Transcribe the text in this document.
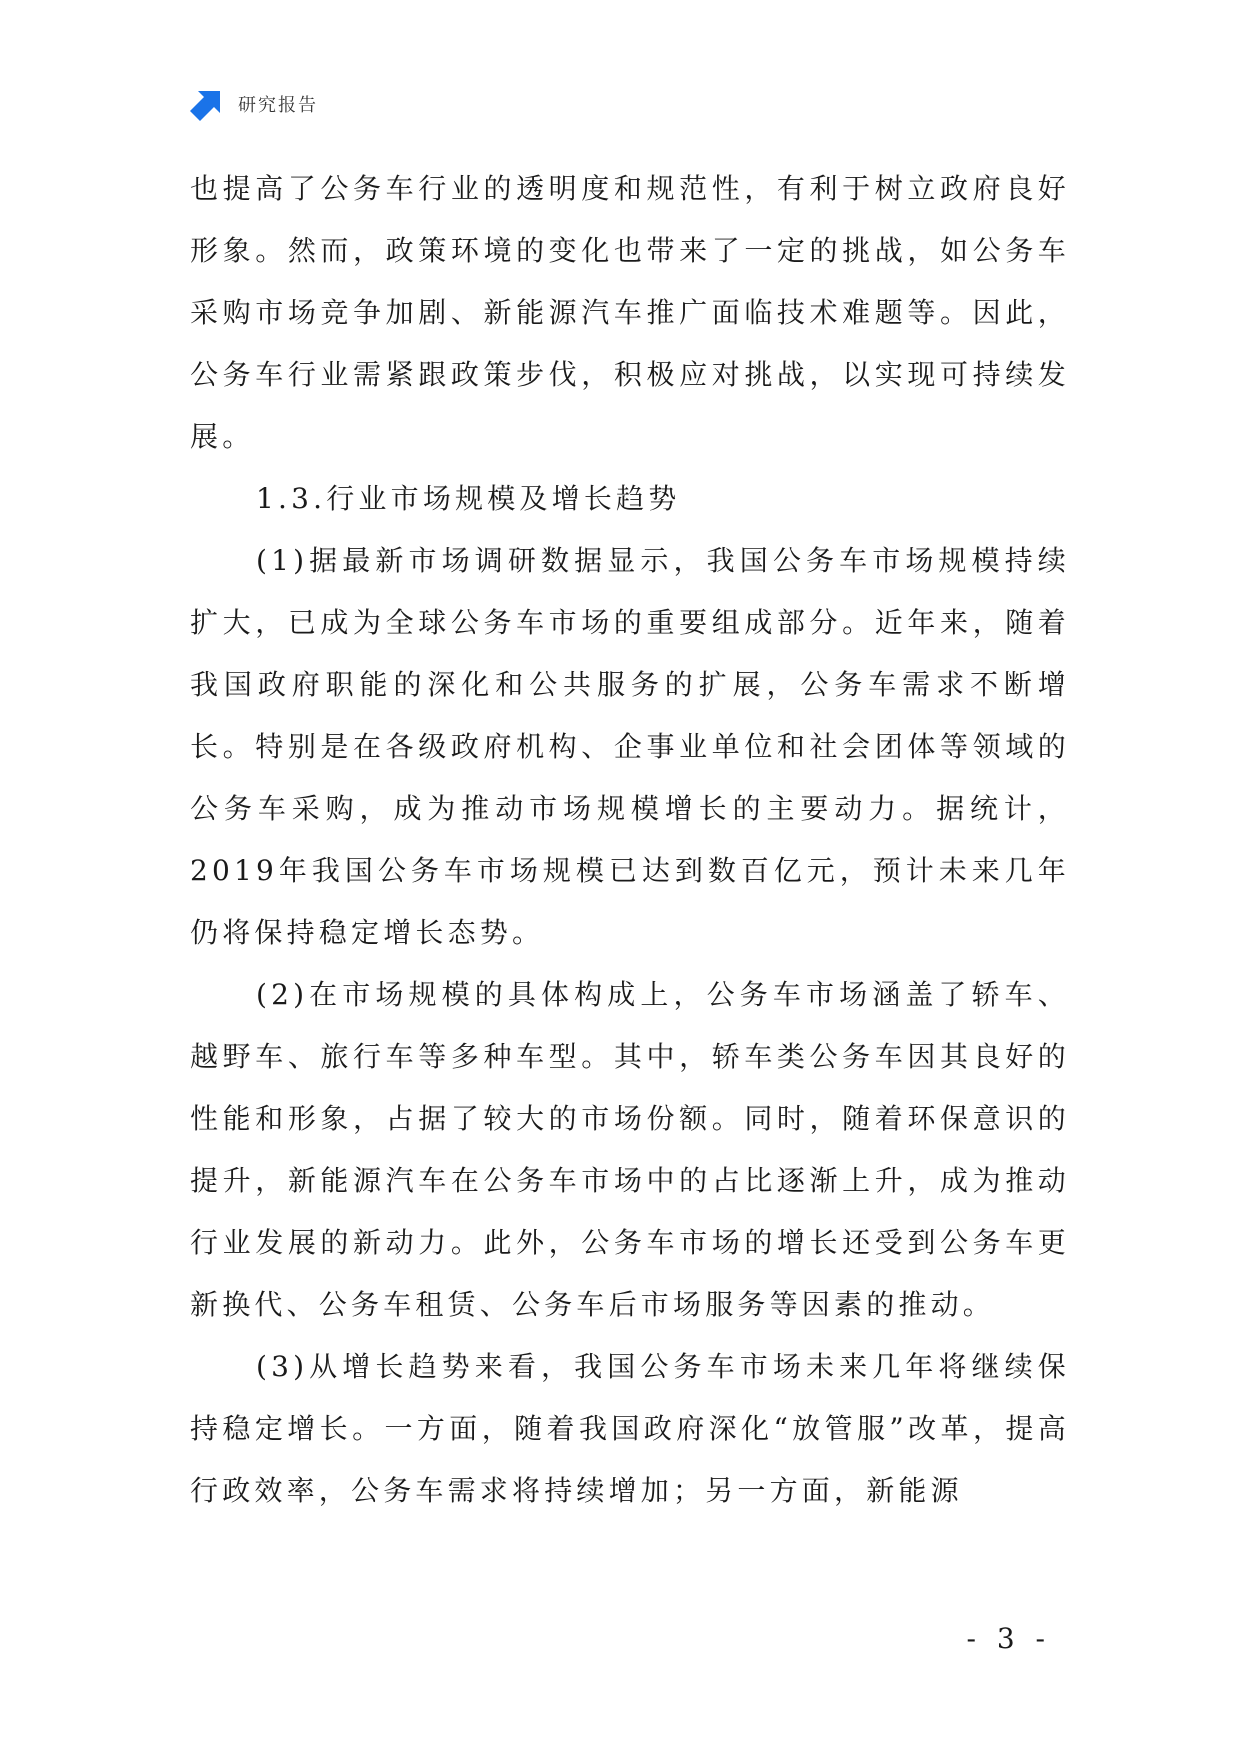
研究报告

也提高了公务车行业的透明度和规范性，有利于树立政府良好形象。然而，政策环境的变化也带来了一定的挑战，如公务车采购市场竞争加剧、新能源汽车推广面临技术难题等。因此，公务车行业需紧跟政策步伐，积极应对挑战，以实现可持续发展。

1.3.行业市场规模及增长趋势

(1)据最新市场调研数据显示，我国公务车市场规模持续扩大，已成为全球公务车市场的重要组成部分。近年来，随着我国政府职能的深化和公共服务的扩展，公务车需求不断增长。特别是在各级政府机构、企事业单位和社会团体等领域的公务车采购，成为推动市场规模增长的主要动力。据统计，2019年我国公务车市场规模已达到数百亿元，预计未来几年仍将保持稳定增长态势。

(2)在市场规模的具体构成上，公务车市场涵盖了轿车、越野车、旅行车等多种车型。其中，轿车类公务车因其良好的性能和形象，占据了较大的市场份额。同时，随着环保意识的提升，新能源汽车在公务车市场中的占比逐渐上升，成为推动行业发展的新动力。此外，公务车市场的增长还受到公务车更新换代、公务车租赁、公务车后市场服务等因素的推动。

(3)从增长趋势来看，我国公务车市场未来几年将继续保持稳定增长。一方面，随着我国政府深化“放管服”改革，提高行政效率，公务车需求将持续增加；另一方面，新能源

- 3 -
